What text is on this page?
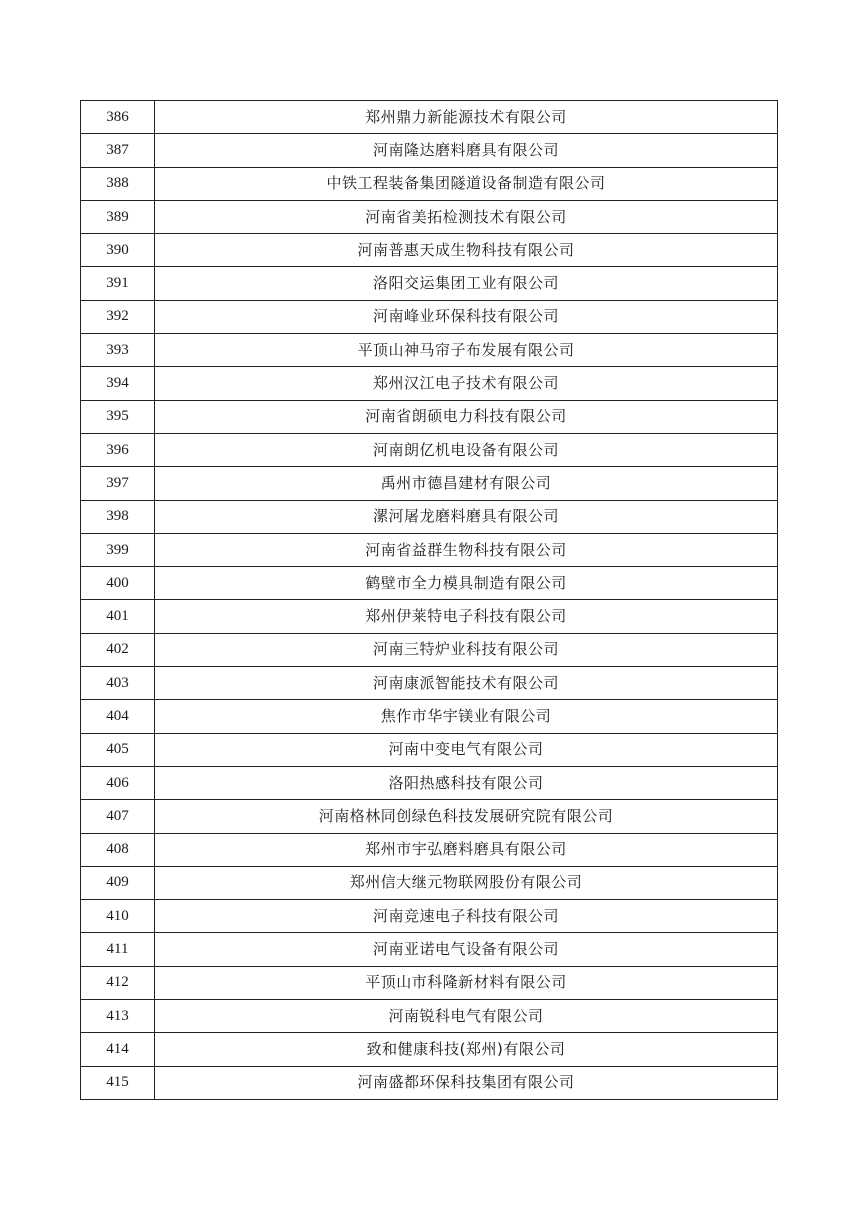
386	郑州鼎力新能源技术有限公司
387	河南隆达磨料磨具有限公司
388	中铁工程装备集团隧道设备制造有限公司
389	河南省美拓检测技术有限公司
390	河南普惠天成生物科技有限公司
391	洛阳交运集团工业有限公司
392	河南峰业环保科技有限公司
393	平顶山神马帘子布发展有限公司
394	郑州汉江电子技术有限公司
395	河南省朗硕电力科技有限公司
396	河南朗亿机电设备有限公司
397	禹州市德昌建材有限公司
398	漯河屠龙磨料磨具有限公司
399	河南省益群生物科技有限公司
400	鹤壁市全力模具制造有限公司
401	郑州伊莱特电子科技有限公司
402	河南三特炉业科技有限公司
403	河南康派智能技术有限公司
404	焦作市华宇镁业有限公司
405	河南中变电气有限公司
406	洛阳热感科技有限公司
407	河南格林同创绿色科技发展研究院有限公司
408	郑州市宇弘磨料磨具有限公司
409	郑州信大继元物联网股份有限公司
410	河南竞速电子科技有限公司
411	河南亚诺电气设备有限公司
412	平顶山市科隆新材料有限公司
413	河南锐科电气有限公司
414	致和健康科技(郑州)有限公司
415	河南盛都环保科技集团有限公司
